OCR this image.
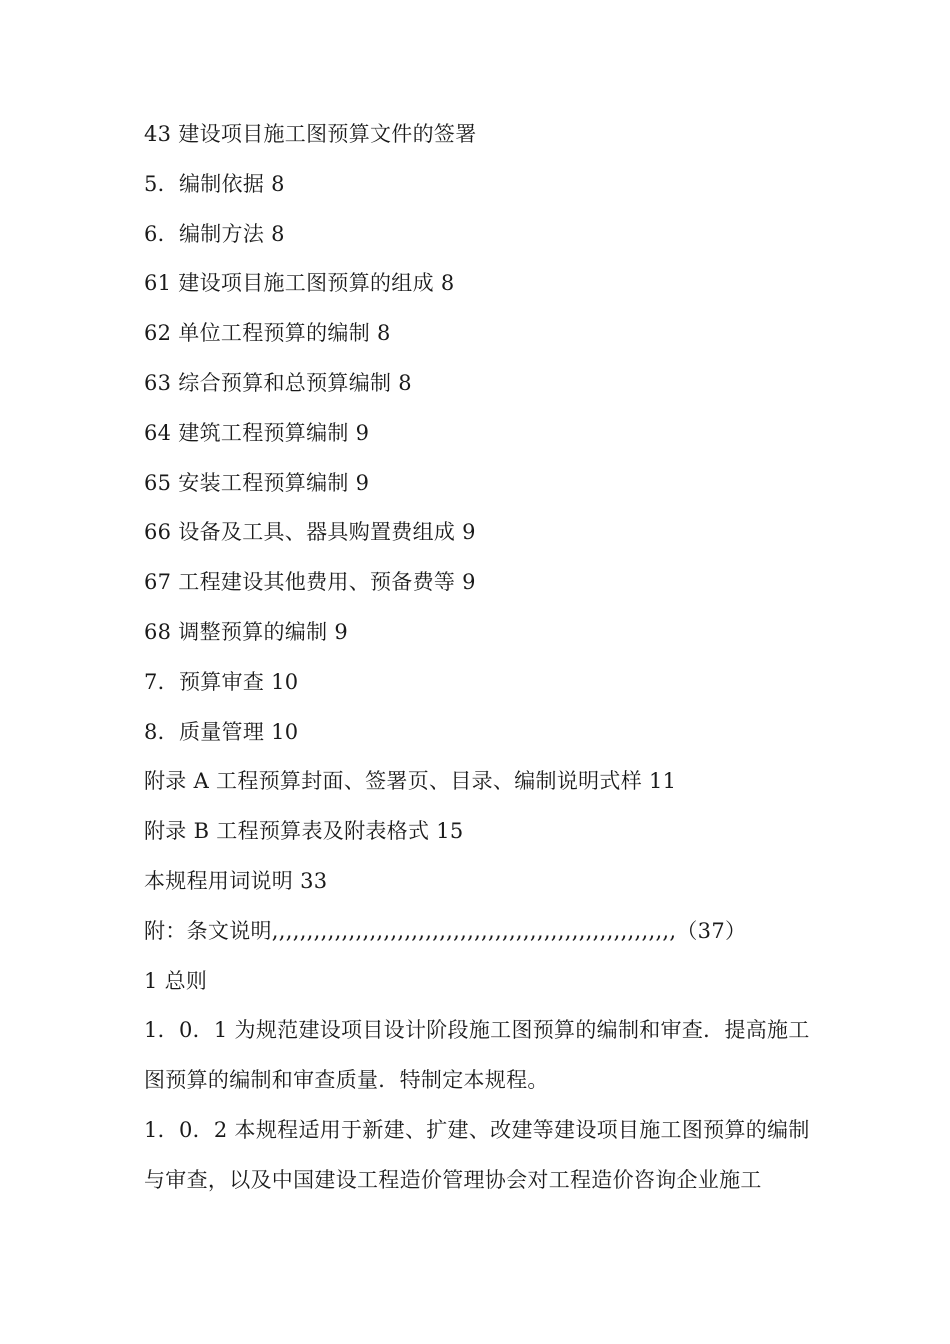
43 建设项目施工图预算文件的签署
5．编制依据 8
6．编制方法 8
61 建设项目施工图预算的组成 8
62 单位工程预算的编制 8
63 综合预算和总预算编制 8
64 建筑工程预算编制 9
65 安装工程预算编制 9
66 设备及工具、器具购置费组成 9
67 工程建设其他费用、预备费等 9
68 调整预算的编制 9
7．预算审查 10
8．质量管理 10
附录 A 工程预算封面、签署页、目录、编制说明式样 11
附录 B 工程预算表及附表格式 15
本规程用词说明 33
附：条文说明,,,,,,,,,,,,,,,,,,,,,,,,,,,,,,,,,,,,,,,,,,,,,,,,,,,,,,,,,,（37）
1 总则
1．0．1 为规范建设项目设计阶段施工图预算的编制和审查．提高施工图预算的编制和审查质量．特制定本规程。
1．0．2 本规程适用于新建、扩建、改建等建设项目施工图预算的编制与审查，以及中国建设工程造价管理协会对工程造价咨询企业施工
